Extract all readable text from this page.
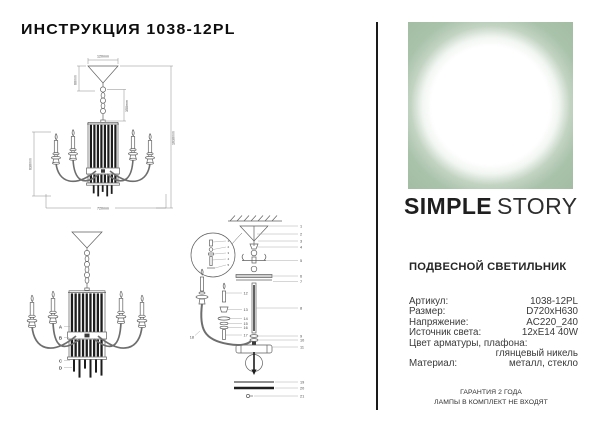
ИНСТРУКЦИЯ 1038-12PL
120mm
60mm
350mm
630mm
1630mm
720mm
A
B
C
D
1
2
3
4
5
12
13
14
15
16
17
18
1
2
3
4
5
6
7
8
9
10
11
19
20
21
SIMPLE STORY
ПОДВЕСНОЙ СВЕТИЛЬНИК
Артикул:	1038-12PL
Размер:	D720xH630
Напряжение:	AC220_240
Источник света:	12xE14 40W
Цвет арматуры, плафона:
глянцевый никель
Материал:	металл, стекло
ГАРАНТИЯ 2 ГОДА
ЛАМПЫ В КОМПЛЕКТ НЕ ВХОДЯТ
